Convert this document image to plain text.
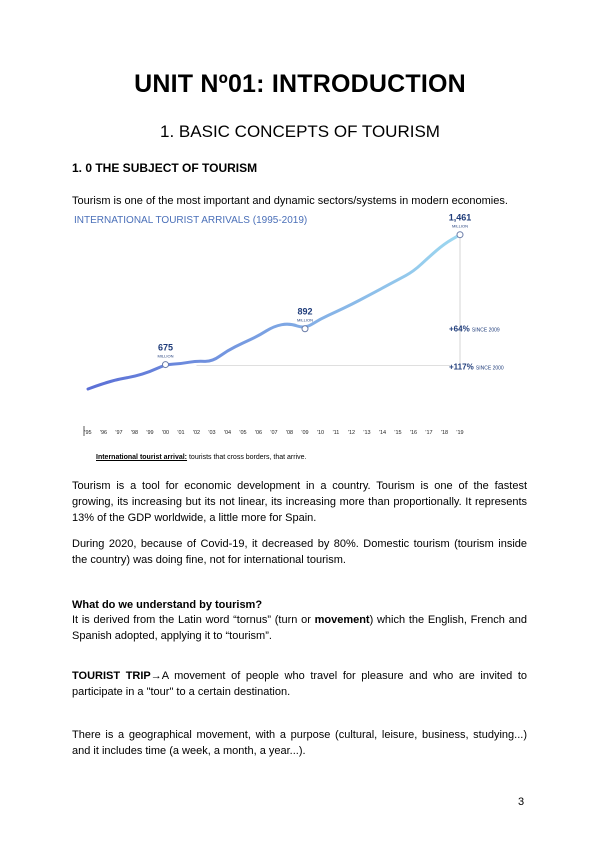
UNIT Nº01: INTRODUCTION
1. BASIC CONCEPTS OF TOURISM
1. 0 THE SUBJECT OF TOURISM
Tourism is one of the most important and dynamic sectors/systems in modern economies.
INTERNATIONAL TOURIST ARRIVALS (1995-2019)
675
MILLION
892
MILLION
1,461
MILLION
+64% SINCE 2009
+117% SINCE 2000
'95 '96 '97 '98 '99 '00 '01 '02 '03 '04 '05 '06 '07 '08 '09 '10 '11 '12 '13 '14 '15 '16 '17 '18 '19
International tourist arrival: tourists that cross borders, that arrive.
Tourism is a tool for economic development in a country. Tourism is one of the fastest growing, its increasing but its not linear, its increasing more than proportionally. It represents 13% of the GDP worldwide, a little more for Spain.
During 2020, because of Covid-19, it decreased by 80%. Domestic tourism (tourism inside the country) was doing fine, not for international tourism.
What do we understand by tourism?
It is derived from the Latin word “tornus” (turn or movement) which the English, French and Spanish adopted, applying it to “tourism”.
TOURIST TRIP→A movement of people who travel for pleasure and who are invited to participate in a "tour" to a certain destination.
There is a geographical movement, with a purpose (cultural, leisure, business, studying...) and it includes time (a week, a month, a year...).
3
